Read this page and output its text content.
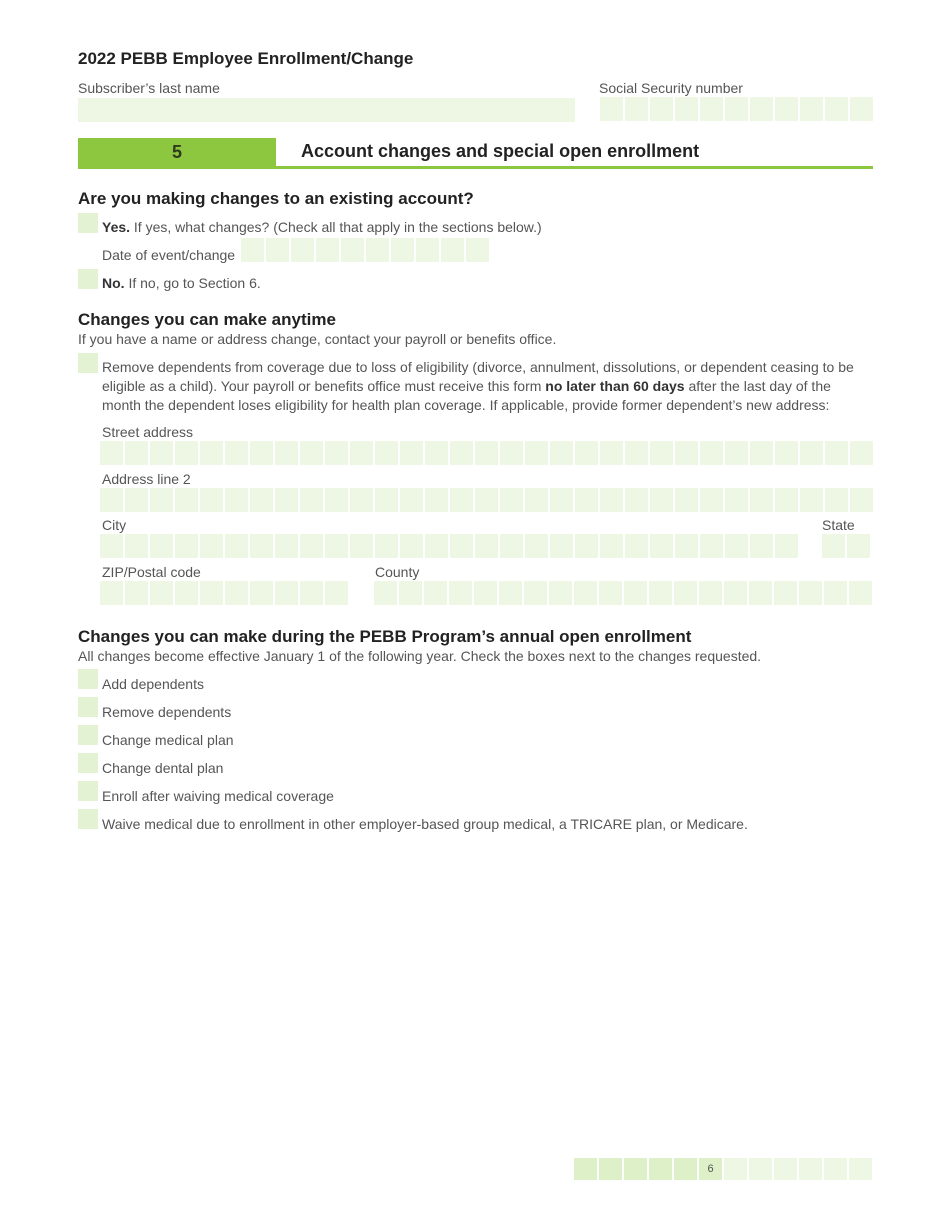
2022 PEBB Employee Enrollment/Change
Subscriber’s last name	Social Security number
5	Account changes and special open enrollment
Are you making changes to an existing account?
Yes. If yes, what changes? (Check all that apply in the sections below.)
Date of event/change
No. If no, go to Section 6.
Changes you can make anytime
If you have a name or address change, contact your payroll or benefits office.
Remove dependents from coverage due to loss of eligibility (divorce, annulment, dissolutions, or dependent ceasing to be eligible as a child). Your payroll or benefits office must receive this form no later than 60 days after the last day of the month the dependent loses eligibility for health plan coverage. If applicable, provide former dependent’s new address:
Street address
Address line 2
City	State
ZIP/Postal code	County
Changes you can make during the PEBB Program’s annual open enrollment
All changes become effective January 1 of the following year. Check the boxes next to the changes requested.
Add dependents
Remove dependents
Change medical plan
Change dental plan
Enroll after waiving medical coverage
Waive medical due to enrollment in other employer-based group medical, a TRICARE plan, or Medicare.
6
